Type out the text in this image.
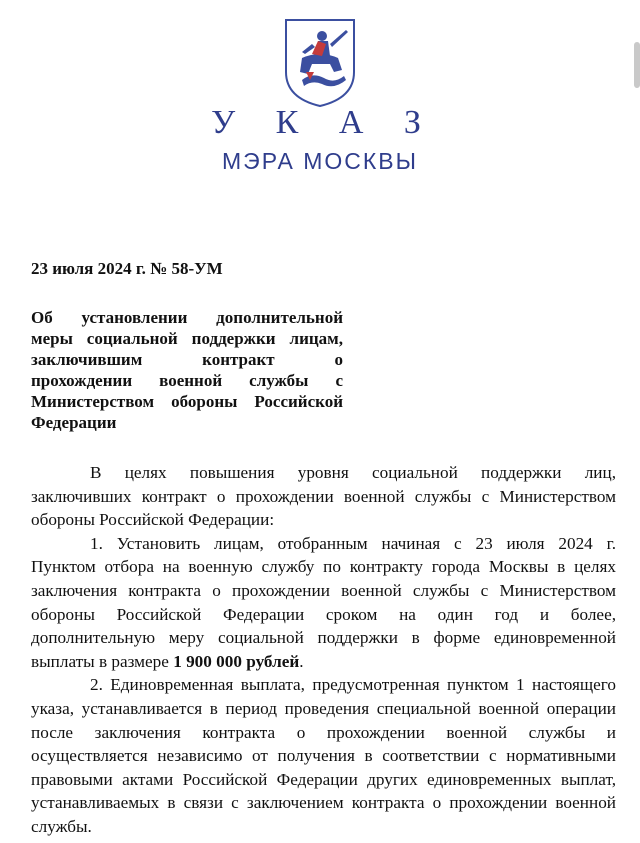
У К А З
МЭРА МОСКВЫ
23 июля 2024 г. № 58-УМ
Об установлении дополнительной
меры социальной поддержки лицам,
заключившим контракт о
прохождении военной службы с
Министерством обороны Российской
Федерации
В целях повышения уровня социальной поддержки лиц,
заключивших контракт о прохождении военной службы с Министерством
обороны Российской Федерации:
1. Установить лицам, отобранным начиная с 23 июля 2024 г.
Пунктом отбора на военную службу по контракту города Москвы в целях
заключения контракта о прохождении военной службы с Министерством
обороны Российской Федерации сроком на один год и более,
дополнительную меру социальной поддержки в форме единовременной
выплаты в размере 1 900 000 рублей.
2. Единовременная выплата, предусмотренная пунктом 1 настоящего
указа, устанавливается в период проведения специальной военной операции
после заключения контракта о прохождении военной службы и
осуществляется независимо от получения в соответствии с нормативными
правовыми актами Российской Федерации других единовременных выплат,
устанавливаемых в связи с заключением контракта о прохождении военной
службы.
